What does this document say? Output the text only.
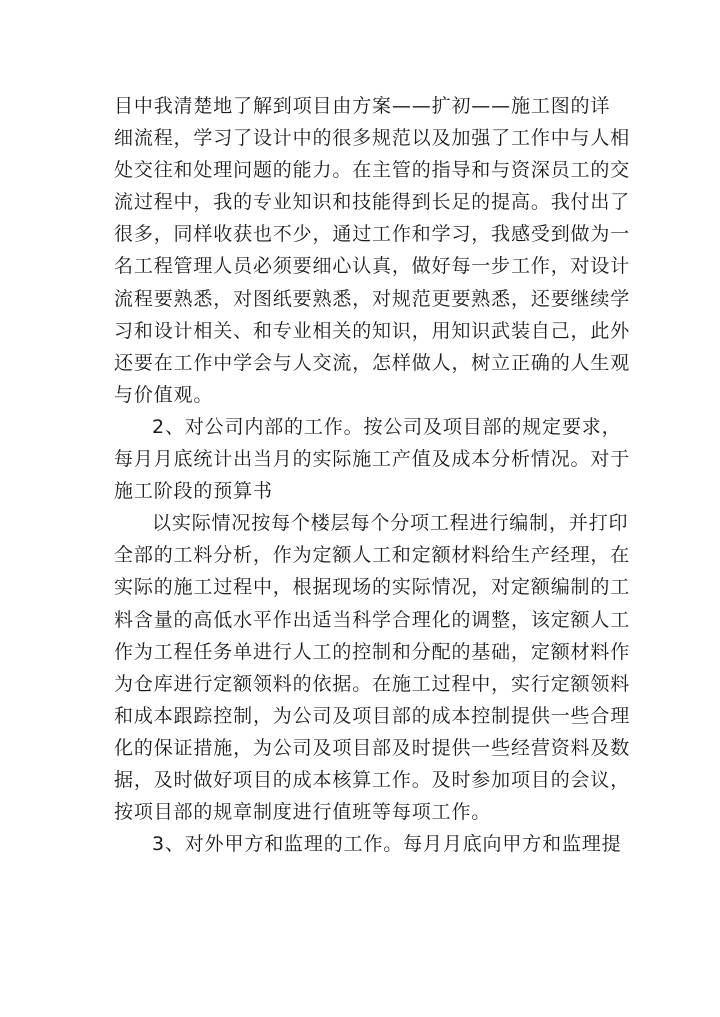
目中我清楚地了解到项目由方案——扩初——施工图的详
细流程，学习了设计中的很多规范以及加强了工作中与人相
处交往和处理问题的能力。在主管的指导和与资深员工的交
流过程中，我的专业知识和技能得到长足的提高。我付出了
很多，同样收获也不少，通过工作和学习，我感受到做为一
名工程管理人员必须要细心认真，做好每一步工作，对设计
流程要熟悉，对图纸要熟悉，对规范更要熟悉，还要继续学
习和设计相关、和专业相关的知识，用知识武装自己，此外
还要在工作中学会与人交流，怎样做人，树立正确的人生观
与价值观。
2、对公司内部的工作。按公司及项目部的规定要求，
每月月底统计出当月的实际施工产值及成本分析情况。对于
施工阶段的预算书
以实际情况按每个楼层每个分项工程进行编制，并打印
全部的工料分析，作为定额人工和定额材料给生产经理，在
实际的施工过程中，根据现场的实际情况，对定额编制的工
料含量的高低水平作出适当科学合理化的调整，该定额人工
作为工程任务单进行人工的控制和分配的基础，定额材料作
为仓库进行定额领料的依据。在施工过程中，实行定额领料
和成本跟踪控制，为公司及项目部的成本控制提供一些合理
化的保证措施，为公司及项目部及时提供一些经营资料及数
据，及时做好项目的成本核算工作。及时参加项目的会议，
按项目部的规章制度进行值班等每项工作。
3、对外甲方和监理的工作。每月月底向甲方和监理提
